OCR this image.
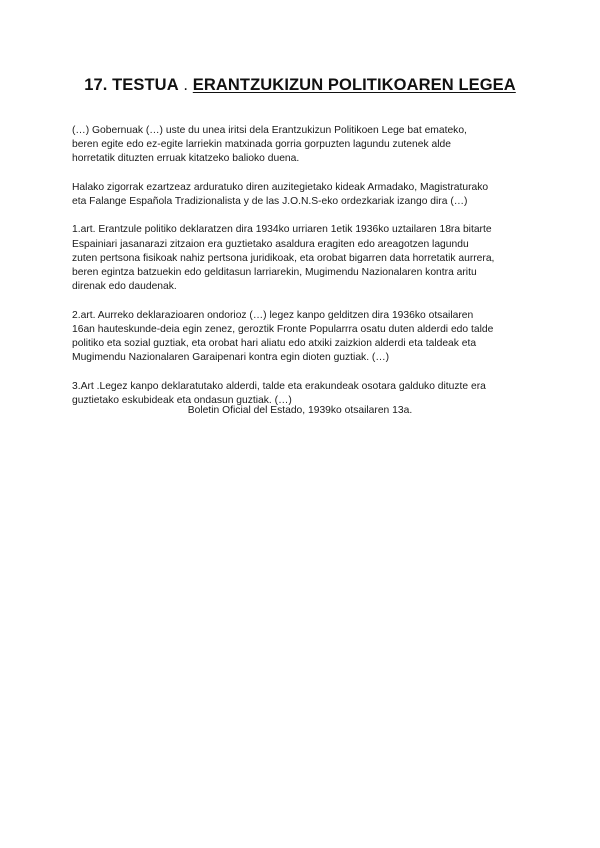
17. TESTUA . ERANTZUKIZUN POLITIKOAREN LEGEA

(…) Gobernuak (…) uste du unea iritsi dela Erantzukizun Politikoen Lege bat emateko,
beren egite edo ez-egite larriekin matxinada gorria gorpuzten lagundu zutenek alde
horretatik dituzten erruak kitatzeko balioko duena.

Halako zigorrak ezartzeaz arduratuko diren auzitegietako kideak Armadako, Magistraturako
eta Falange Española Tradizionalista y de las J.O.N.S-eko ordezkariak izango dira (…)

1.art. Erantzule politiko deklaratzen dira 1934ko urriaren 1etik 1936ko uztailaren 18ra bitarte
Espainiari jasanarazi zitzaion era guztietako asaldura eragiten edo areagotzen lagundu
zuten pertsona fisikoak nahiz pertsona juridikoak, eta orobat bigarren data horretatik aurrera,
beren egintza batzuekin edo gelditasun larriarekin, Mugimendu Nazionalaren kontra aritu
direnak edo daudenak.

2.art. Aurreko deklarazioaren ondorioz (…) legez kanpo gelditzen dira 1936ko otsailaren
16an hauteskunde-deia egin zenez, geroztik Fronte Popularrra osatu duten alderdi edo talde
politiko eta sozial guztiak, eta orobat hari aliatu edo atxiki zaizkion alderdi eta taldeak eta
Mugimendu Nazionalaren Garaipenari kontra egin dioten guztiak. (…)

3.Art .Legez kanpo deklaratutako alderdi, talde eta erakundeak osotara galduko dituzte era
guztietako eskubideak eta ondasun guztiak. (…)

Boletin Oficial del Estado, 1939ko otsailaren 13a.
